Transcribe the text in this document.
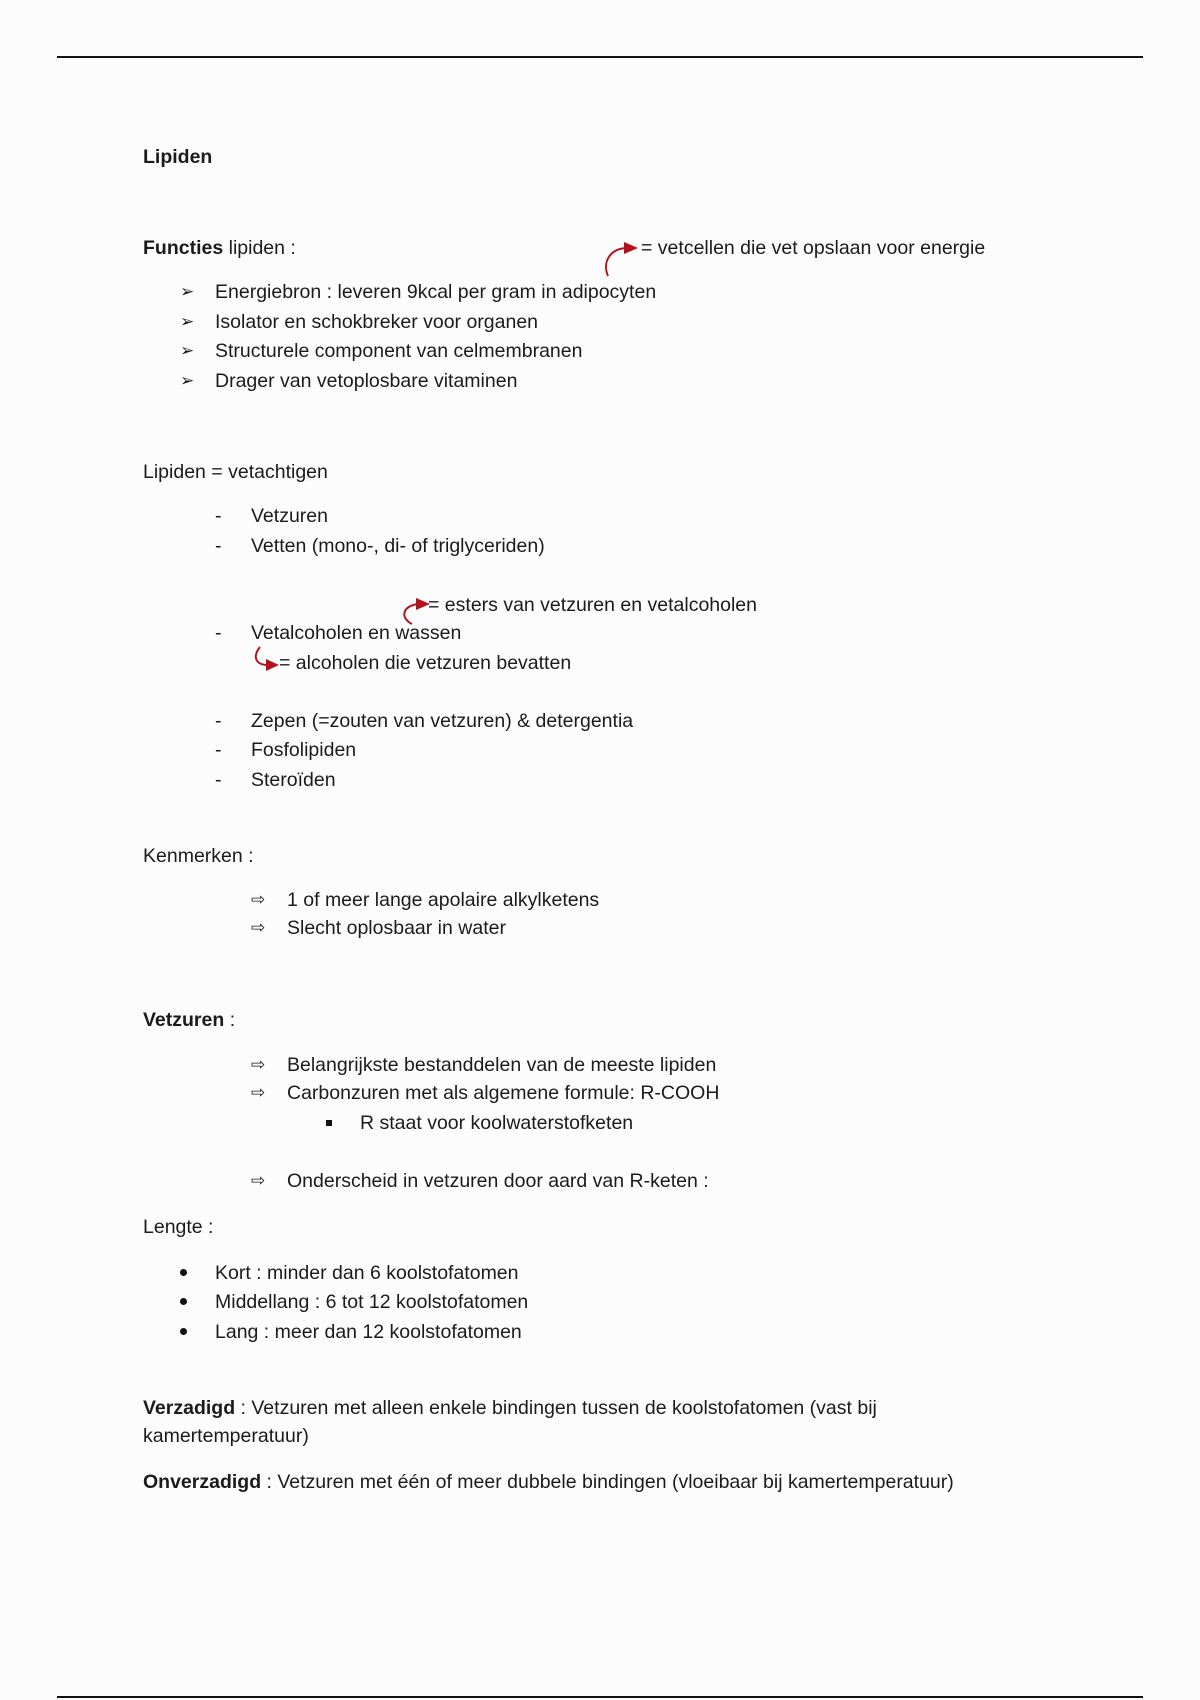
Lipiden
Functies lipiden :	= vetcellen die vet opslaan voor energie
➢ Energiebron : leveren 9kcal per gram in adipocyten
➢ Isolator en schokbreker voor organen
➢ Structurele component van celmembranen
➢ Drager van vetoplosbare vitaminen
Lipiden = vetachtigen
- Vetzuren
- Vetten (mono-, di- of triglyceriden)
= esters van vetzuren en vetalcoholen
- Vetalcoholen en wassen
= alcoholen die vetzuren bevatten
- Zepen (=zouten van vetzuren) & detergentia
- Fosfolipiden
- Steroïden
Kenmerken :
⇨ 1 of meer lange apolaire alkylketens
⇨ Slecht oplosbaar in water
Vetzuren :
⇨ Belangrijkste bestanddelen van de meeste lipiden
⇨ Carbonzuren met als algemene formule: R-COOH
R staat voor koolwaterstofketen
⇨ Onderscheid in vetzuren door aard van R-keten :
Lengte :
Kort : minder dan 6 koolstofatomen
Middellang : 6 tot 12 koolstofatomen
Lang : meer dan 12 koolstofatomen
Verzadigd : Vetzuren met alleen enkele bindingen tussen de koolstofatomen (vast bij
kamertemperatuur)
Onverzadigd : Vetzuren met één of meer dubbele bindingen (vloeibaar bij kamertemperatuur)
